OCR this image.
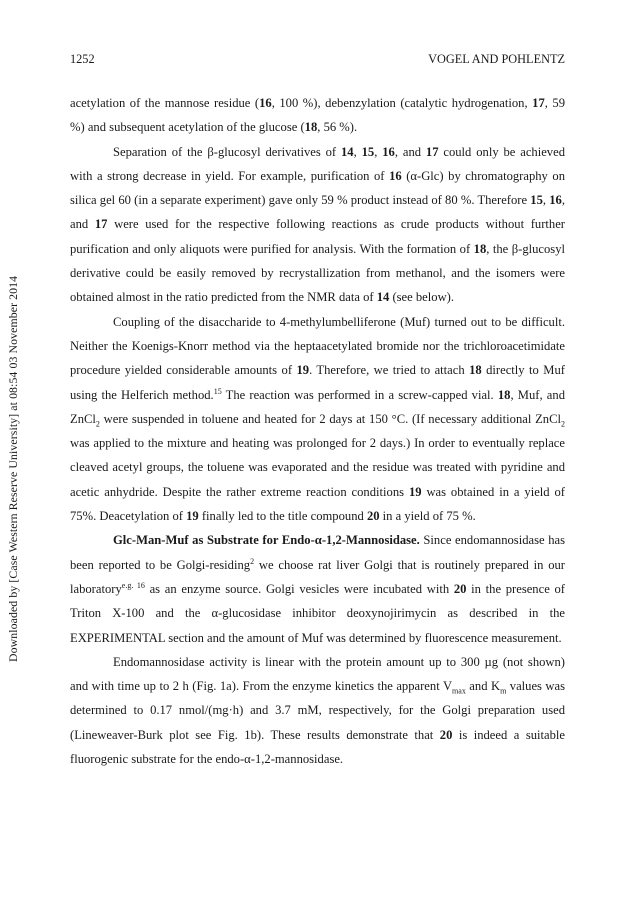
1252	VOGEL AND POHLENTZ
Downloaded by [Case Western Reserve University] at 08:54 03 November 2014

acetylation of the mannose residue (16, 100 %), debenzylation (catalytic hydrogenation, 17, 59 %) and subsequent acetylation of the glucose (18, 56 %).

Separation of the β-glucosyl derivatives of 14, 15, 16, and 17 could only be achieved with a strong decrease in yield. For example, purification of 16 (α-Glc) by chromatography on silica gel 60 (in a separate experiment) gave only 59 % product instead of 80 %. Therefore 15, 16, and 17 were used for the respective following reactions as crude products without further purification and only aliquots were purified for analysis. With the formation of 18, the β-glucosyl derivative could be easily removed by recrystallization from methanol, and the isomers were obtained almost in the ratio predicted from the NMR data of 14 (see below).

Coupling of the disaccharide to 4-methylumbelliferone (Muf) turned out to be difficult. Neither the Koenigs-Knorr method via the heptaacetylated bromide nor the trichloroacetimidate procedure yielded considerable amounts of 19. Therefore, we tried to attach 18 directly to Muf using the Helferich method.$^{15}$ The reaction was performed in a screw-capped vial. 18, Muf, and ZnCl$_2$ were suspended in toluene and heated for 2 days at 150 °C. (If necessary additional ZnCl$_2$ was applied to the mixture and heating was prolonged for 2 days.) In order to eventually replace cleaved acetyl groups, the toluene was evaporated and the residue was treated with pyridine and acetic anhydride. Despite the rather extreme reaction conditions 19 was obtained in a yield of 75%. Deacetylation of 19 finally led to the title compound 20 in a yield of 75 %.

Glc-Man-Muf as Substrate for Endo-α-1,2-Mannosidase. Since endomannosidase has been reported to be Golgi-residing$^2$ we choose rat liver Golgi that is routinely prepared in our laboratory$^{e.g. 16}$ as an enzyme source. Golgi vesicles were incubated with 20 in the presence of Triton X-100 and the α-glucosidase inhibitor deoxynojirimycin as described in the EXPERIMENTAL section and the amount of Muf was determined by fluorescence measurement.

Endomannosidase activity is linear with the protein amount up to 300 µg (not shown) and with time up to 2 h (Fig. 1a). From the enzyme kinetics the apparent $V_{max}$ and $K_m$ values was determined to 0.17 nmol/(mg·h) and 3.7 mM, respectively, for the Golgi preparation used (Lineweaver-Burk plot see Fig. 1b). These results demonstrate that 20 is indeed a suitable fluorogenic substrate for the endo-α-1,2-mannosidase.
